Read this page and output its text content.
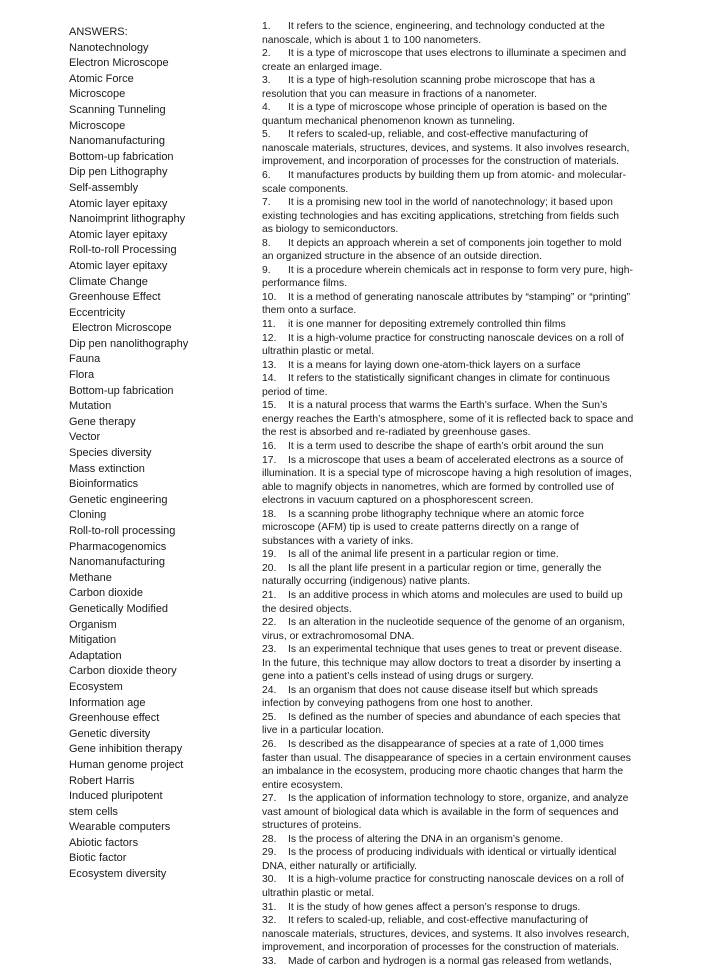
ANSWERS:
Nanotechnology
Electron Microscope
Atomic Force
Microscope
Scanning Tunneling
Microscope
Nanomanufacturing
Bottom-up fabrication
Dip pen Lithography
Self-assembly
Atomic layer epitaxy
Nanoimprint lithography
Atomic layer epitaxy
Roll-to-roll Processing
Atomic layer epitaxy
Climate Change
Greenhouse Effect
Eccentricity
Electron Microscope
Dip pen nanolithography
Fauna
Flora
Bottom-up fabrication
Mutation
Gene therapy
Vector
Species diversity
Mass extinction
Bioinformatics
Genetic engineering
Cloning
Roll-to-roll processing
Pharmacogenomics
Nanomanufacturing
Methane
Carbon dioxide
Genetically Modified
Organism
Mitigation
Adaptation
Carbon dioxide theory
Ecosystem
Information age
Greenhouse effect
Genetic diversity
Gene inhibition therapy
Human genome project
Robert Harris
Induced pluripotent
stem cells
Wearable computers
Abiotic factors
Biotic factor
Ecosystem diversity
1. It refers to the science, engineering, and technology conducted at the
nanoscale, which is about 1 to 100 nanometers.
2. It is a type of microscope that uses electrons to illuminate a specimen and
create an enlarged image.
3. It is a type of high-resolution scanning probe microscope that has a
resolution that you can measure in fractions of a nanometer.
4. It is a type of microscope whose principle of operation is based on the
quantum mechanical phenomenon known as tunneling.
5. It refers to scaled-up, reliable, and cost-effective manufacturing of
nanoscale materials, structures, devices, and systems. It also involves research,
improvement, and incorporation of processes for the construction of materials.
6. It manufactures products by building them up from atomic- and molecular-
scale components.
7. It is a promising new tool in the world of nanotechnology; it based upon
existing technologies and has exciting applications, stretching from fields such
as biology to semiconductors.
8. It depicts an approach wherein a set of components join together to mold
an organized structure in the absence of an outside direction.
9. It is a procedure wherein chemicals act in response to form very pure, high-
performance films.
10. It is a method of generating nanoscale attributes by “stamping” or “printing”
them onto a surface.
11. it is one manner for depositing extremely controlled thin films
12. It is a high-volume practice for constructing nanoscale devices on a roll of
ultrathin plastic or metal.
13. It is a means for laying down one-atom-thick layers on a surface
14. It refers to the statistically significant changes in climate for continuous
period of time.
15. It is a natural process that warms the Earth’s surface. When the Sun’s
energy reaches the Earth’s atmosphere, some of it is reflected back to space and
the rest is absorbed and re-radiated by greenhouse gases.
16. It is a term used to describe the shape of earth’s orbit around the sun
17. Is a microscope that uses a beam of accelerated electrons as a source of
illumination. It is a special type of microscope having a high resolution of images,
able to magnify objects in nanometres, which are formed by controlled use of
electrons in vacuum captured on a phosphorescent screen.
18. Is a scanning probe lithography technique where an atomic force
microscope (AFM) tip is used to create patterns directly on a range of
substances with a variety of inks.
19. Is all of the animal life present in a particular region or time.
20. Is all the plant life present in a particular region or time, generally the
naturally occurring (indigenous) native plants.
21. Is an additive process in which atoms and molecules are used to build up
the desired objects.
22. Is an alteration in the nucleotide sequence of the genome of an organism,
virus, or extrachromosomal DNA.
23. Is an experimental technique that uses genes to treat or prevent disease.
In the future, this technique may allow doctors to treat a disorder by inserting a
gene into a patient’s cells instead of using drugs or surgery.
24. Is an organism that does not cause disease itself but which spreads
infection by conveying pathogens from one host to another.
25. Is defined as the number of species and abundance of each species that
live in a particular location.
26. Is described as the disappearance of species at a rate of 1,000 times
faster than usual. The disappearance of species in a certain environment causes
an imbalance in the ecosystem, producing more chaotic changes that harm the
entire ecosystem.
27. Is the application of information technology to store, organize, and analyze
vast amount of biological data which is available in the form of sequences and
structures of proteins.
28. Is the process of altering the DNA in an organism’s genome.
29. Is the process of producing individuals with identical or virtually identical
DNA, either naturally or artificially.
30. It is a high-volume practice for constructing nanoscale devices on a roll of
ultrathin plastic or metal.
31. It is the study of how genes affect a person’s response to drugs.
32. It refers to scaled-up, reliable, and cost-effective manufacturing of
nanoscale materials, structures, devices, and systems. It also involves research,
improvement, and incorporation of processes for the construction of materials.
33. Made of carbon and hydrogen is a normal gas released from wetlands,
